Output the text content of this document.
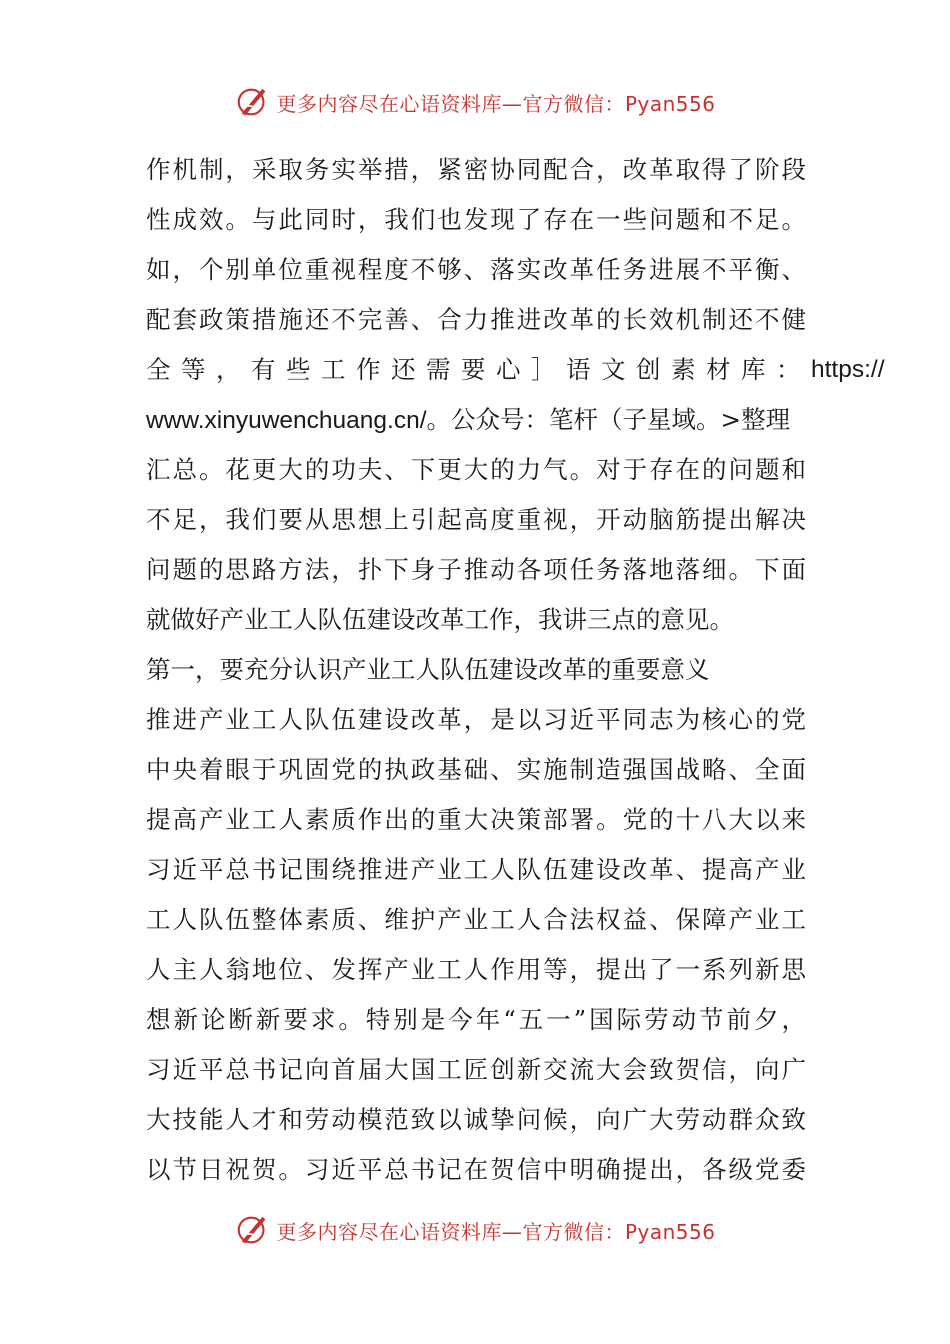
更多内容尽在心语资料库—官方微信：Pyan556
作机制，采取务实举措，紧密协同配合，改革取得了阶段
性成效。与此同时，我们也发现了存在一些问题和不足。
如，个别单位重视程度不够、落实改革任务进展不平衡、
配套政策措施还不完善、合力推进改革的长效机制还不健
全等，有些工作还需要心］语文创素材库： https://
www.xinyuwenchuang.cn/。公众号：笔杆（子星域。>整理
汇总。花更大的功夫、下更大的力气。对于存在的问题和
不足，我们要从思想上引起高度重视，开动脑筋提出解决
问题的思路方法，扑下身子推动各项任务落地落细。下面
就做好产业工人队伍建设改革工作，我讲三点的意见。
第一，要充分认识产业工人队伍建设改革的重要意义
推进产业工人队伍建设改革，是以习近平同志为核心的党
中央着眼于巩固党的执政基础、实施制造强国战略、全面
提高产业工人素质作出的重大决策部署。党的十八大以来
习近平总书记围绕推进产业工人队伍建设改革、提高产业
工人队伍整体素质、维护产业工人合法权益、保障产业工
人主人翁地位、发挥产业工人作用等，提出了一系列新思
想新论断新要求。特别是今年“五一”国际劳动节前夕，
习近平总书记向首届大国工匠创新交流大会致贺信，向广
大技能人才和劳动模范致以诚挚问候，向广大劳动群众致
以节日祝贺。习近平总书记在贺信中明确提出，各级党委
更多内容尽在心语资料库—官方微信：Pyan556
